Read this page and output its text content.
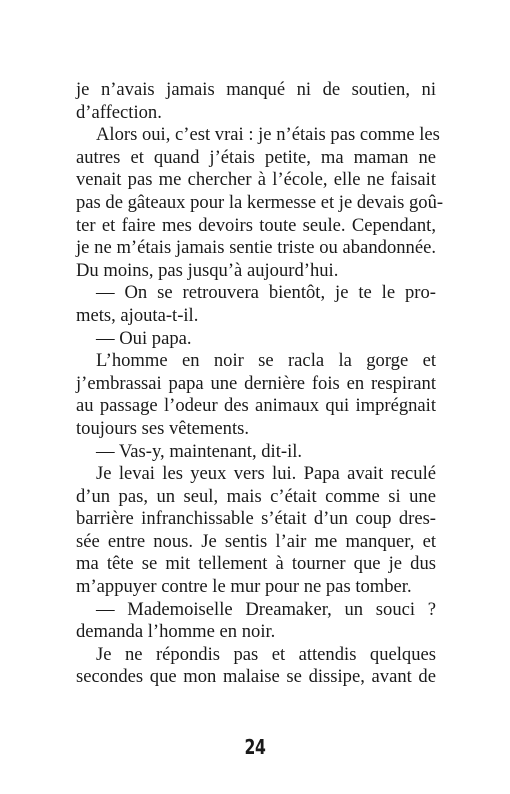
je n’avais jamais manqué ni de soutien, ni
d’affection.
Alors oui, c’est vrai : je n’étais pas comme les
autres et quand j’étais petite, ma maman ne
venait pas me chercher à l’école, elle ne faisait
pas de gâteaux pour la kermesse et je devais goû-
ter et faire mes devoirs toute seule. Cependant,
je ne m’étais jamais sentie triste ou abandonnée.
Du moins, pas jusqu’à aujourd’hui.
— On se retrouvera bientôt, je te le pro-
mets, ajouta-t-il.
— Oui papa.
L’homme en noir se racla la gorge et
j’embrassai papa une dernière fois en respirant
au passage l’odeur des animaux qui imprégnait
toujours ses vêtements.
— Vas-y, maintenant, dit-il.
Je levai les yeux vers lui. Papa avait reculé
d’un pas, un seul, mais c’était comme si une
barrière infranchissable s’était d’un coup dres-
sée entre nous. Je sentis l’air me manquer, et
ma tête se mit tellement à tourner que je dus
m’appuyer contre le mur pour ne pas tomber.
— Mademoiselle Dreamaker, un souci ?
demanda l’homme en noir.
Je ne répondis pas et attendis quelques
secondes que mon malaise se dissipe, avant de
24
